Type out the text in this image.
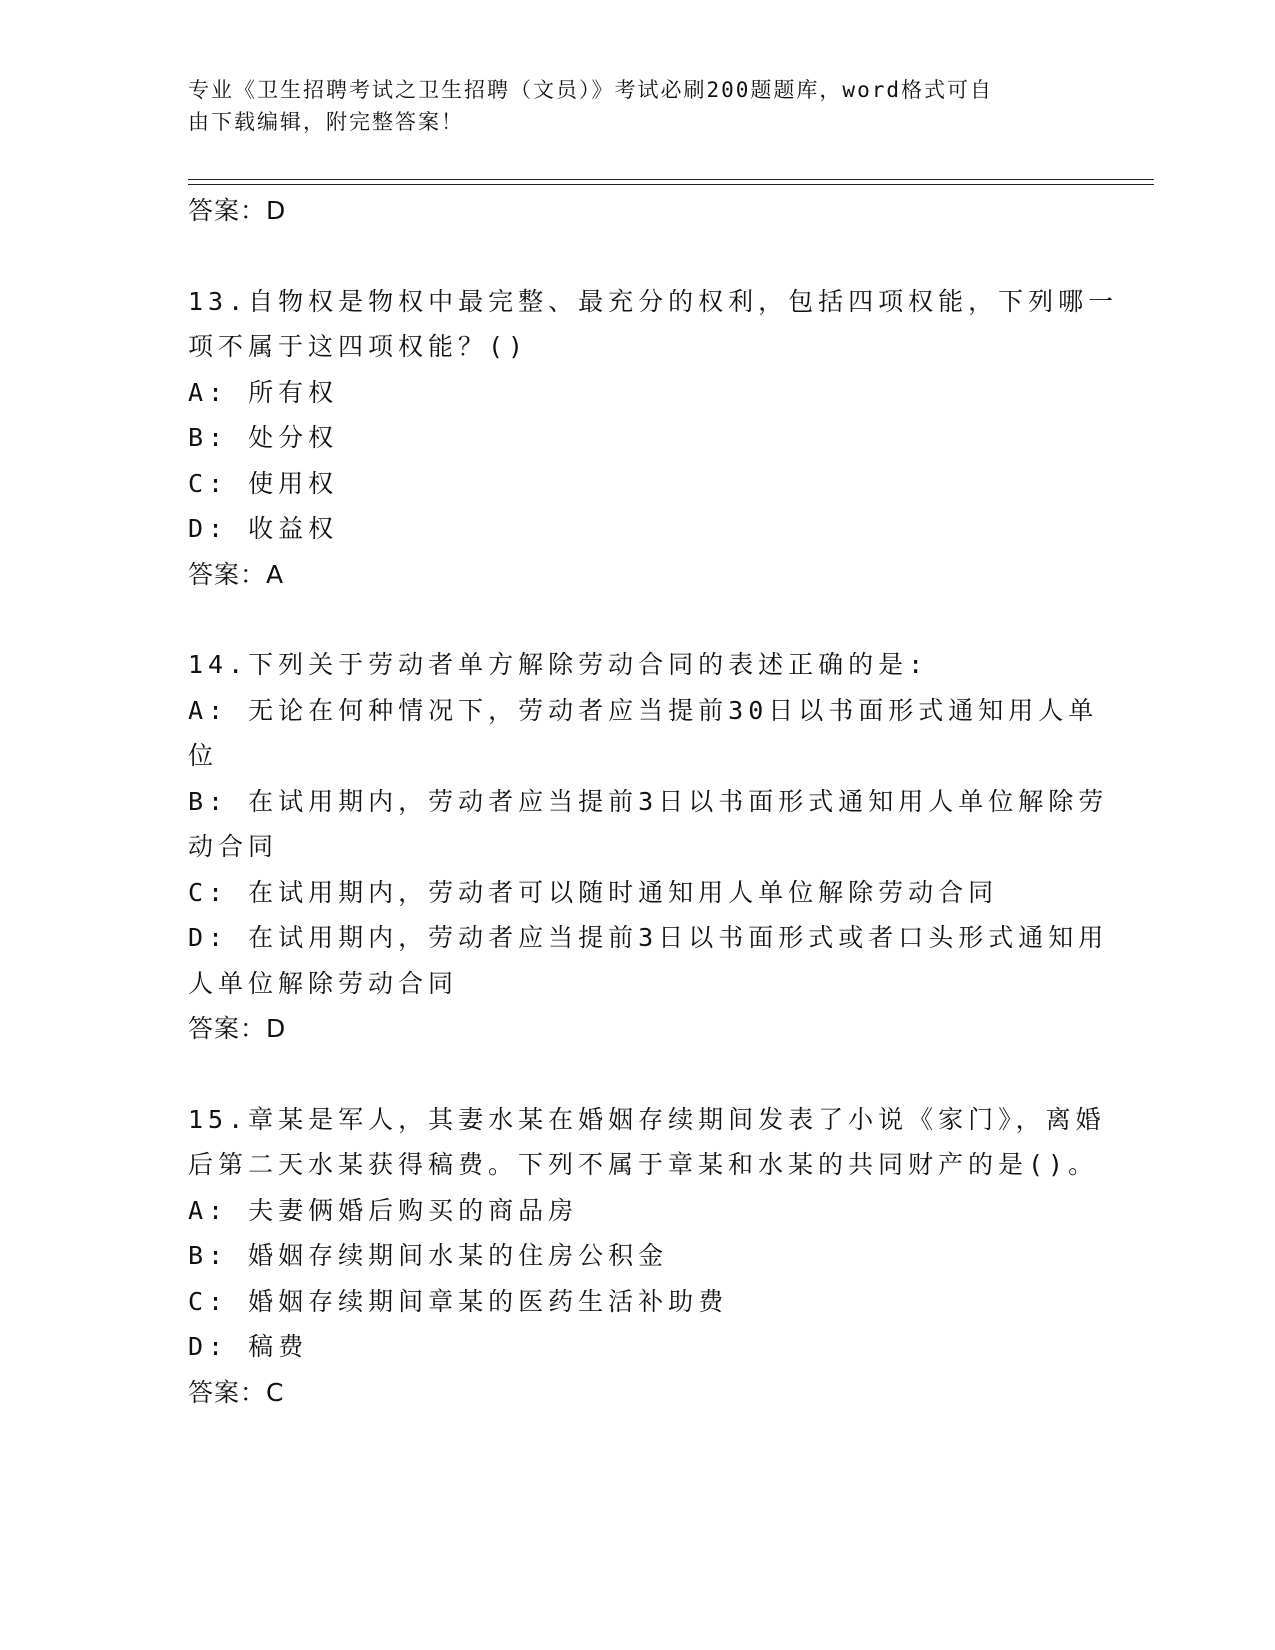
专业《卫生招聘考试之卫生招聘（文员）》考试必刷200题题库，word格式可自
由下载编辑，附完整答案！
答案：D
13.自物权是物权中最完整、最充分的权利，包括四项权能，下列哪一
项不属于这四项权能？()
A: 所有权
B: 处分权
C: 使用权
D: 收益权
答案：A
14.下列关于劳动者单方解除劳动合同的表述正确的是:
A: 无论在何种情况下，劳动者应当提前30日以书面形式通知用人单
位
B: 在试用期内，劳动者应当提前3日以书面形式通知用人单位解除劳
动合同
C: 在试用期内，劳动者可以随时通知用人单位解除劳动合同
D: 在试用期内，劳动者应当提前3日以书面形式或者口头形式通知用
人单位解除劳动合同
答案：D
15.章某是军人，其妻水某在婚姻存续期间发表了小说《家门》，离婚
后第二天水某获得稿费。下列不属于章某和水某的共同财产的是()。
A: 夫妻俩婚后购买的商品房
B: 婚姻存续期间水某的住房公积金
C: 婚姻存续期间章某的医药生活补助费
D: 稿费
答案：C
